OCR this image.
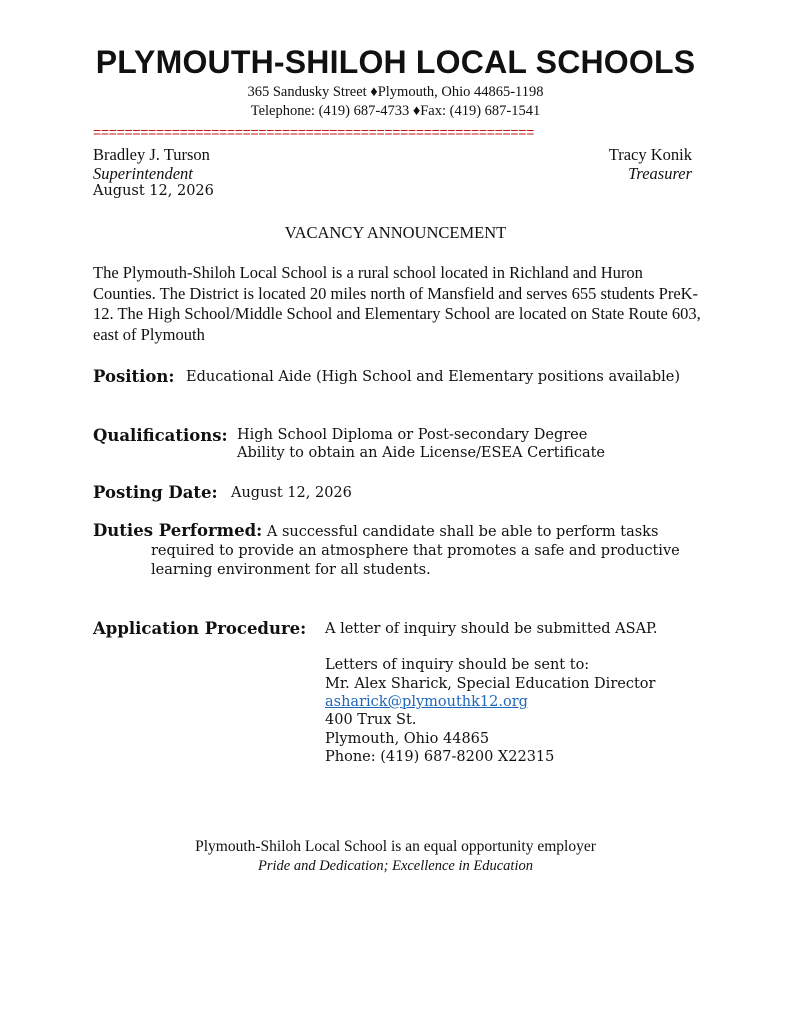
PLYMOUTH-SHILOH LOCAL SCHOOLS
365 Sandusky Street ♦Plymouth, Ohio 44865-1198
Telephone: (419) 687-4733 ♦Fax: (419) 687-1541
========================================================
Bradley J. Turson
Superintendent
August 12, 2026
Tracy Konik
Treasurer
VACANCY ANNOUNCEMENT
The Plymouth-Shiloh Local School is a rural school located in Richland and Huron Counties. The District is located 20 miles north of Mansfield and serves 655 students PreK-12. The High School/Middle School and Elementary School are located on State Route 603, east of Plymouth
Position: Educational Aide (High School and Elementary positions available)
Qualifications: High School Diploma or Post-secondary Degree
Ability to obtain an Aide License/ESEA Certificate
Posting Date: August 12, 2026
Duties Performed: A successful candidate shall be able to perform tasks
required to provide an atmosphere that promotes a safe and productive learning environment for all students.
Application Procedure: A letter of inquiry should be submitted ASAP.
Letters of inquiry should be sent to:
Mr. Alex Sharick, Special Education Director
asharick@plymouthk12.org
400 Trux St.
Plymouth, Ohio 44865
Phone: (419) 687-8200 X22315
Plymouth-Shiloh Local School is an equal opportunity employer
Pride and Dedication; Excellence in Education
